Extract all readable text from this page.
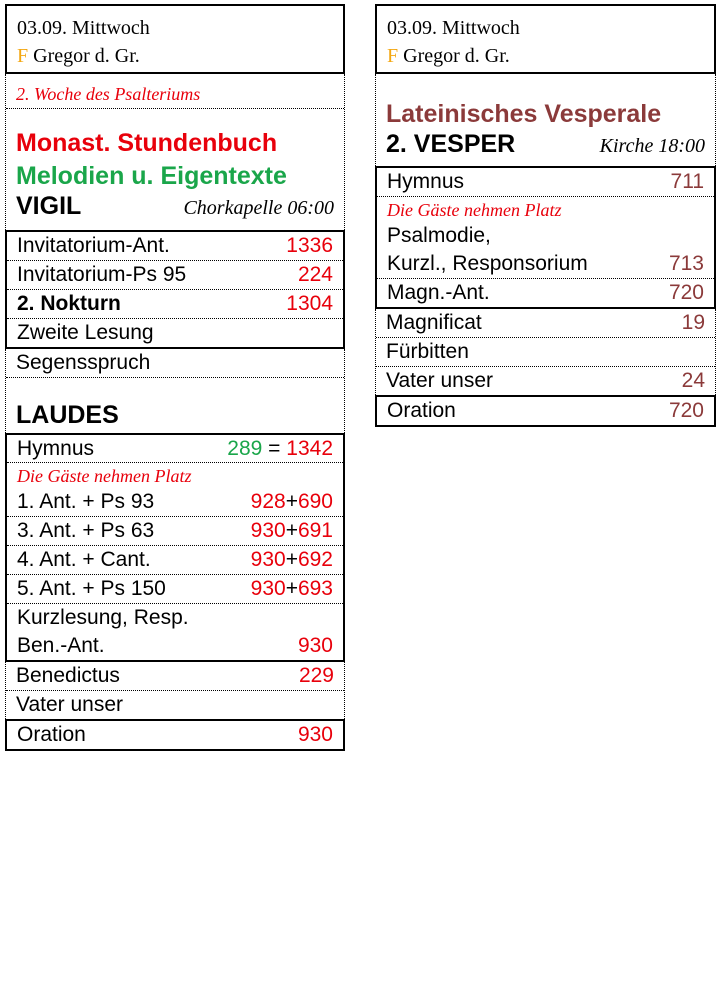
03.09. Mittwoch
F Gregor d. Gr.
2. Woche des Psalteriums
Monast. Stundenbuch
Melodien u. Eigentexte
VIGIL	Chorkapelle 06:00
Invitatorium-Ant.	1336
Invitatorium-Ps 95	224
2. Nokturn	1304
Zweite Lesung
Segensspruch
LAUDES
Hymnus	289 = 1342
Die Gäste nehmen Platz
1. Ant. + Ps 93	928+690
3. Ant. + Ps 63	930+691
4. Ant. + Cant.	930+692
5. Ant. + Ps 150	930+693
Kurzlesung, Resp.
Ben.-Ant.	930
Benedictus	229
Vater unser
Oration	930
03.09. Mittwoch
F Gregor d. Gr.
Lateinisches Vesperale
2. VESPER	Kirche 18:00
Hymnus	711
Die Gäste nehmen Platz
Psalmodie,
Kurzl., Responsorium	713
Magn.-Ant.	720
Magnificat	19
Fürbitten
Vater unser	24
Oration	720
